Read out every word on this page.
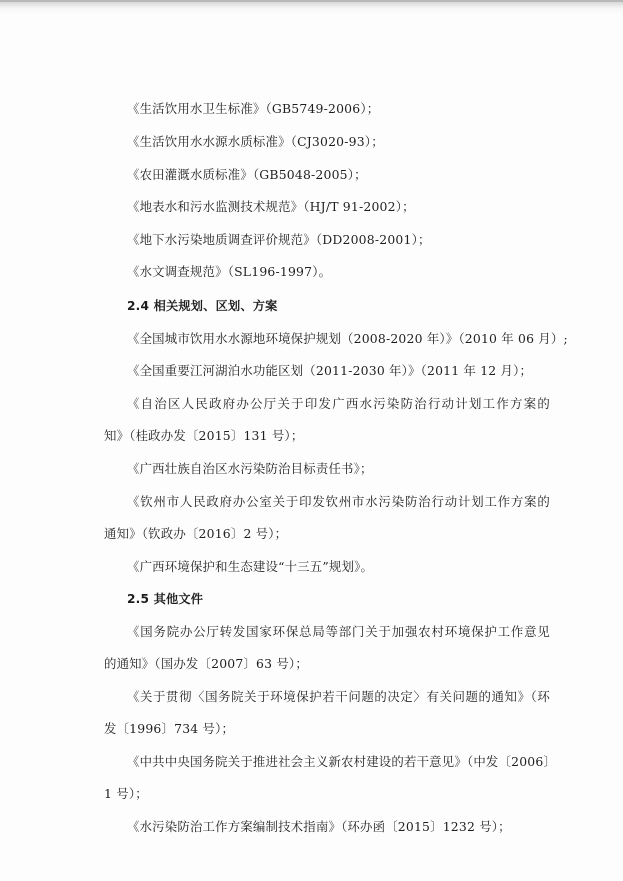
《生活饮用水卫生标准》（GB5749-2006）；
《生活饮用水水源水质标准》（CJ3020-93）；
《农田灌溉水质标准》（GB5048-2005）；
《地表水和污水监测技术规范》（HJ/T 91-2002）；
《地下水污染地质调查评价规范》（DD2008-2001）；
《水文调查规范》（SL196-1997）。
2.4 相关规划、区划、方案
《全国城市饮用水水源地环境保护规划（2008-2020 年）》（2010 年 06 月）;
《全国重要江河湖泊水功能区划（2011-2030 年）》（2011 年 12 月）；
《自治区人民政府办公厅关于印发广西水污染防治行动计划工作方案的
知》（桂政办发〔2015〕131 号）；
《广西壮族自治区水污染防治目标责任书》；
《钦州市人民政府办公室关于印发钦州市水污染防治行动计划工作方案的
通知》（钦政办〔2016〕2 号）；
《广西环境保护和生态建设“十三五”规划》。
2.5 其他文件
《国务院办公厅转发国家环保总局等部门关于加强农村环境保护工作意见
的通知》（国办发〔2007〕63 号）；
《关于贯彻〈国务院关于环境保护若干问题的决定〉有关问题的通知》（环
发〔1996〕734 号）；
《中共中央国务院关于推进社会主义新农村建设的若干意见》（中发〔2006〕
1 号）；
《水污染防治工作方案编制技术指南》（环办函〔2015〕1232 号）；
